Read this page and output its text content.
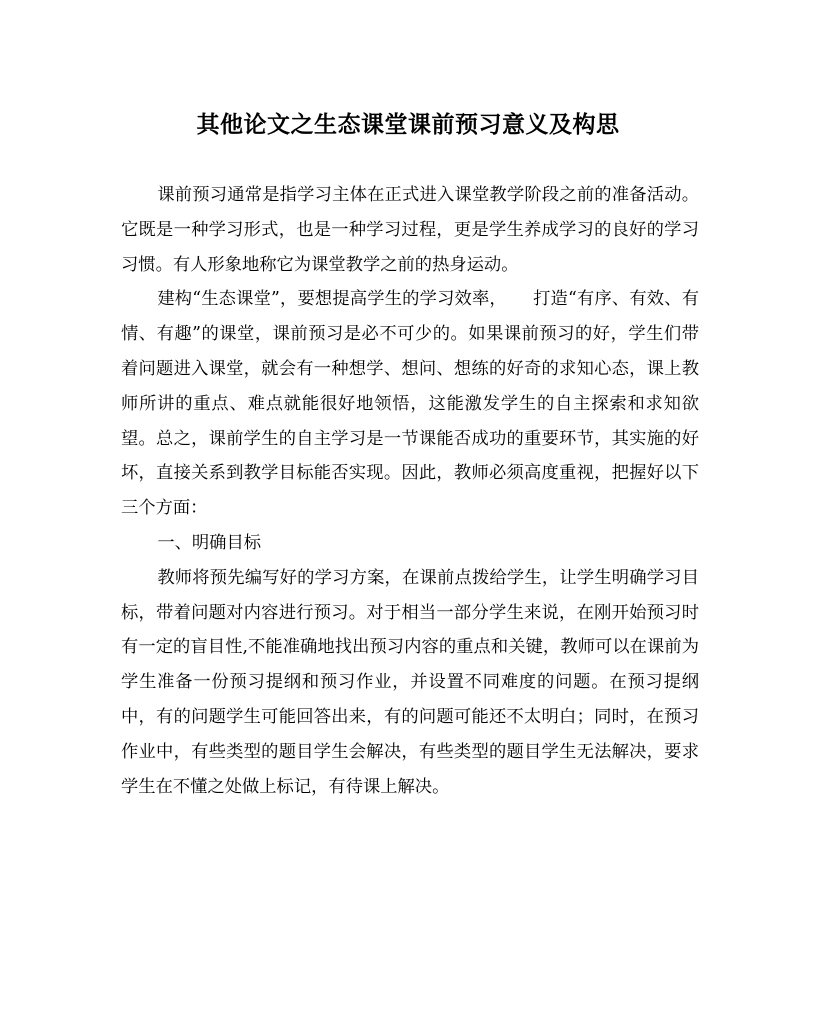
其他论文之生态课堂课前预习意义及构思

课前预习通常是指学习主体在正式进入课堂教学阶段之前的准备活动。它既是一种学习形式，也是一种学习过程，更是学生养成学习的良好的学习习惯。有人形象地称它为课堂教学之前的热身运动。

建构“生态课堂”，要想提高学生的学习效率，　　打造“有序、有效、有情、有趣”的课堂，课前预习是必不可少的。如果课前预习的好，学生们带着问题进入课堂，就会有一种想学、想问、想练的好奇的求知心态，课上教师所讲的重点、难点就能很好地领悟，这能激发学生的自主探索和求知欲望。总之，课前学生的自主学习是一节课能否成功的重要环节，其实施的好坏，直接关系到教学目标能否实现。因此，教师必须高度重视，把握好以下三个方面：

一、明确目标

教师将预先编写好的学习方案，在课前点拨给学生，让学生明确学习目标，带着问题对内容进行预习。对于相当一部分学生来说，在刚开始预习时有一定的盲目性,不能准确地找出预习内容的重点和关键，教师可以在课前为学生准备一份预习提纲和预习作业，并设置不同难度的问题。在预习提纲中，有的问题学生可能回答出来，有的问题可能还不太明白；同时，在预习作业中，有些类型的题目学生会解决，有些类型的题目学生无法解决，要求学生在不懂之处做上标记，有待课上解决。
